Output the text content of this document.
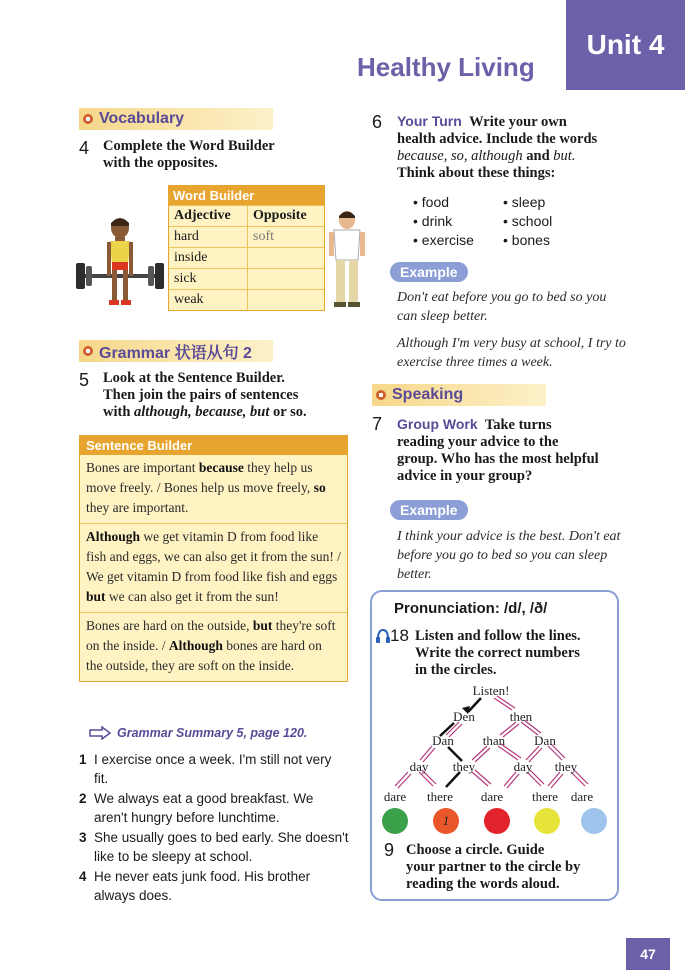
Unit 4
Healthy Living
Vocabulary
4 Complete the Word Builder
with the opposites.
Word Builder
Adjective	Opposite
hard	soft
inside	
sick	
weak	
Grammar 状语从句 2
5 Look at the Sentence Builder.
Then join the pairs of sentences
with although, because, but or so.
Sentence Builder
Bones are important because they help us move freely. / Bones help us move freely, so they are important.
Although we get vitamin D from food like fish and eggs, we can also get it from the sun! / We get vitamin D from food like fish and eggs but we can also get it from the sun!
Bones are hard on the outside, but they're soft on the inside. / Although bones are hard on the outside, they are soft on the inside.
Grammar Summary 5, page 120.
1 I exercise once a week. I'm still not very fit.
2 We always eat a good breakfast. We aren't hungry before lunchtime.
3 She usually goes to bed early. She doesn't like to be sleepy at school.
4 He never eats junk food. His brother always does.
6 Your Turn Write your own
health advice. Include the words
because, so, although and but.
Think about these things:
• food
• drink
• exercise
• sleep
• school
• bones
Example
Don't eat before you go to bed so you can sleep better.
Although I'm very busy at school, I try to exercise three times a week.
Speaking
7 Group Work Take turns
reading your advice to the
group. Who has the most helpful
advice in your group?
Example
I think your advice is the best. Don't eat before you go to bed so you can sleep better.
Pronunciation: /d/, /ð/
18 Listen and follow the lines.
Write the correct numbers
in the circles.
Listen!
Den	then
Dan than Dan
day they	day they
dare there dare there dare
1
9 Choose a circle. Guide
your partner to the circle by
reading the words aloud.
47
